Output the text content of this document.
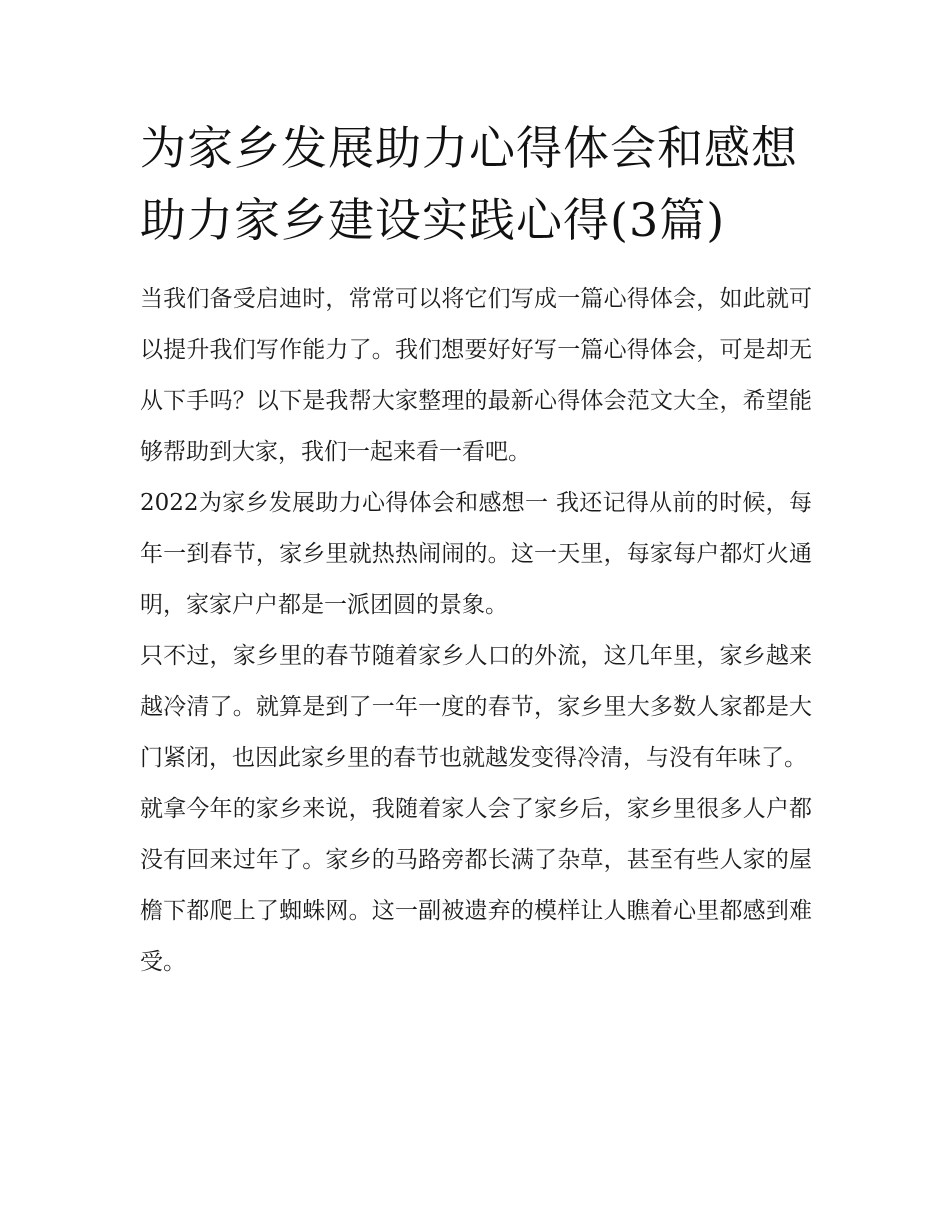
为家乡发展助力心得体会和感想 助力家乡建设实践心得(3篇)

当我们备受启迪时，常常可以将它们写成一篇心得体会，如此就可以提升我们写作能力了。我们想要好好写一篇心得体会，可是却无从下手吗？以下是我帮大家整理的最新心得体会范文大全，希望能够帮助到大家，我们一起来看一看吧。

2022为家乡发展助力心得体会和感想一 我还记得从前的时候，每年一到春节，家乡里就热热闹闹的。这一天里，每家每户都灯火通明，家家户户都是一派团圆的景象。

只不过，家乡里的春节随着家乡人口的外流，这几年里，家乡越来越冷清了。就算是到了一年一度的春节，家乡里大多数人家都是大门紧闭，也因此家乡里的春节也就越发变得冷清，与没有年味了。

就拿今年的家乡来说，我随着家人会了家乡后，家乡里很多人户都没有回来过年了。家乡的马路旁都长满了杂草，甚至有些人家的屋檐下都爬上了蜘蛛网。这一副被遗弃的模样让人瞧着心里都感到难受。
